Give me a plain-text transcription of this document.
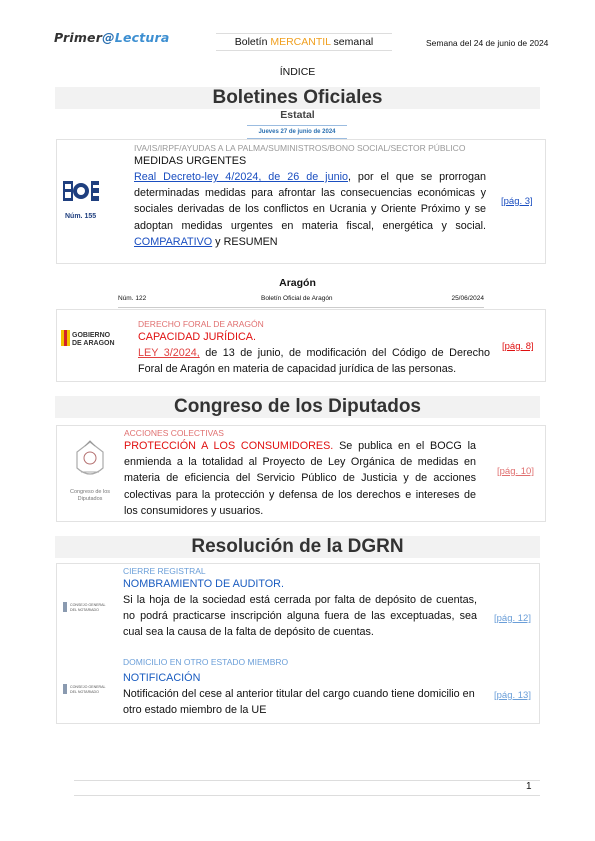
Primer@Lectura	Boletín MERCANTIL semanal	Semana del 24 de junio de 2024
ÍNDICE
Boletines Oficiales
Estatal
Jueves 27 de junio de 2024
Núm. 155
IVA/IS/IRPF/AYUDAS A LA PALMA/SUMINISTROS/BONO SOCIAL/SECTOR PÚBLICO
MEDIDAS URGENTES
Real Decreto-ley 4/2024, de 26 de junio, por el que se prorrogan determinadas medidas para afrontar las consecuencias económicas y sociales derivadas de los conflictos en Ucrania y Oriente Próximo y se adoptan medidas urgentes en materia fiscal, energética y social. COMPARATIVO y RESUMEN
[pág. 3]
Aragón
Núm. 122	Boletín Oficial de Aragón	25/06/2024
GOBIERNO
DE ARAGON
DERECHO FORAL DE ARAGÓN
CAPACIDAD JURÍDICA.
LEY 3/2024, de 13 de junio, de modificación del Código de Derecho Foral de Aragón en materia de capacidad jurídica de las personas.
[pág. 8]
Congreso de los Diputados
Congreso de los Diputados
ACCIONES COLECTIVAS
PROTECCIÓN A LOS CONSUMIDORES. Se publica en el BOCG la enmienda a la totalidad al Proyecto de Ley Orgánica de medidas en materia de eficiencia del Servicio Público de Justicia y de acciones colectivas para la protección y defensa de los derechos e intereses de los consumidores y usuarios.
[pág. 10]
Resolución de la DGRN
CONSEJO GENERAL
DEL NOTARIADO
CIERRE REGISTRAL
NOMBRAMIENTO DE AUDITOR.
Si la hoja de la sociedad está cerrada por falta de depósito de cuentas, no podrá practicarse inscripción alguna fuera de las exceptuadas, sea cual sea la causa de la falta de depósito de cuentas.
[pág. 12]
CONSEJO GENERAL
DEL NOTARIADO
DOMICILIO EN OTRO ESTADO MIEMBRO
NOTIFICACIÓN
Notificación del cese al anterior titular del cargo cuando tiene domicilio en otro estado miembro de la UE
[pág. 13]
1
